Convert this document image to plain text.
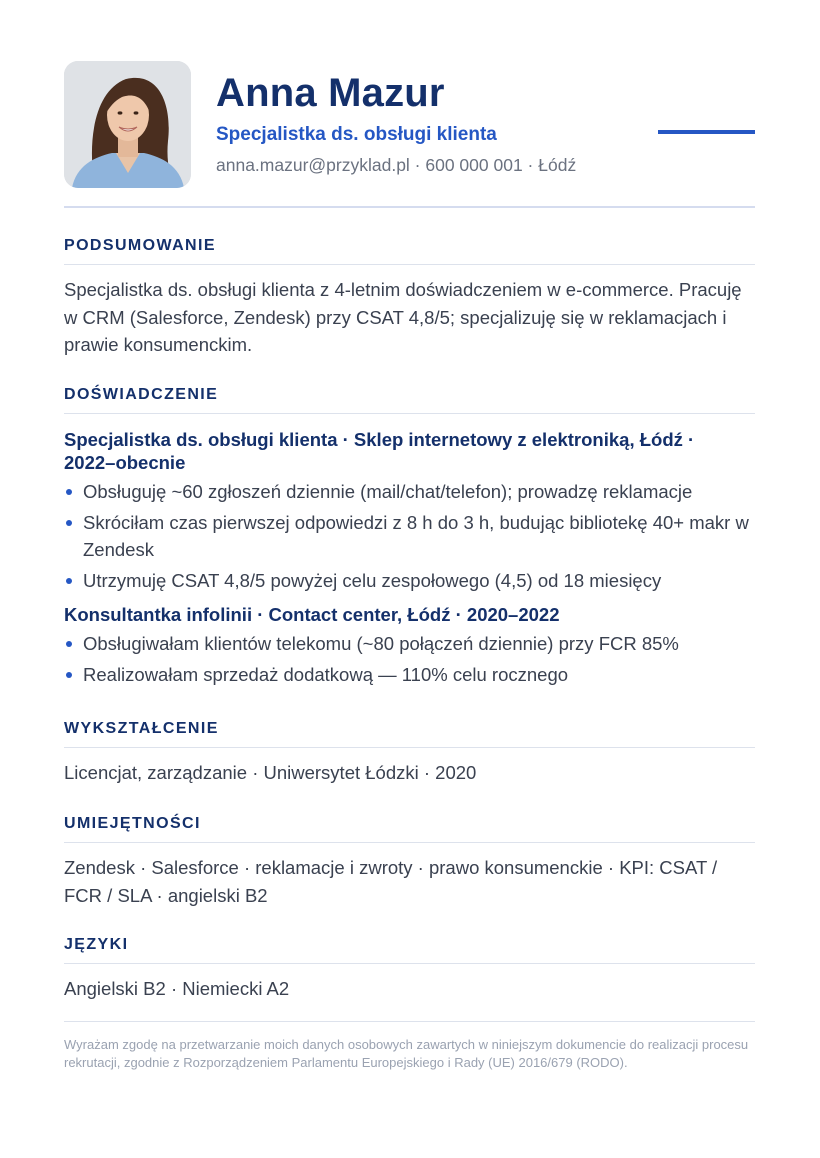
Anna Mazur
Specjalistka ds. obsługi klienta
anna.mazur@przyklad.pl · 600 000 001 · Łódź
PODSUMOWANIE
Specjalistka ds. obsługi klienta z 4-letnim doświadczeniem w e-commerce. Pracuję w CRM (Salesforce, Zendesk) przy CSAT 4,8/5; specjalizuję się w reklamacjach i prawie konsumenckim.
DOŚWIADCZENIE
Specjalistka ds. obsługi klienta · Sklep internetowy z elektroniką, Łódź · 2022–obecnie
Obsługuję ~60 zgłoszeń dziennie (mail/chat/telefon); prowadzę reklamacje
Skróciłam czas pierwszej odpowiedzi z 8 h do 3 h, budując bibliotekę 40+ makr w Zendesk
Utrzymuję CSAT 4,8/5 powyżej celu zespołowego (4,5) od 18 miesięcy
Konsultantka infolinii · Contact center, Łódź · 2020–2022
Obsługiwałam klientów telekomu (~80 połączeń dziennie) przy FCR 85%
Realizowałam sprzedaż dodatkową — 110% celu rocznego
WYKSZTAŁCENIE
Licencjat, zarządzanie · Uniwersytet Łódzki · 2020
UMIEJĘTNOŚCI
Zendesk · Salesforce · reklamacje i zwroty · prawo konsumenckie · KPI: CSAT / FCR / SLA · angielski B2
JĘZYKI
Angielski B2 · Niemiecki A2
Wyrażam zgodę na przetwarzanie moich danych osobowych zawartych w niniejszym dokumencie do realizacji procesu rekrutacji, zgodnie z Rozporządzeniem Parlamentu Europejskiego i Rady (UE) 2016/679 (RODO).
